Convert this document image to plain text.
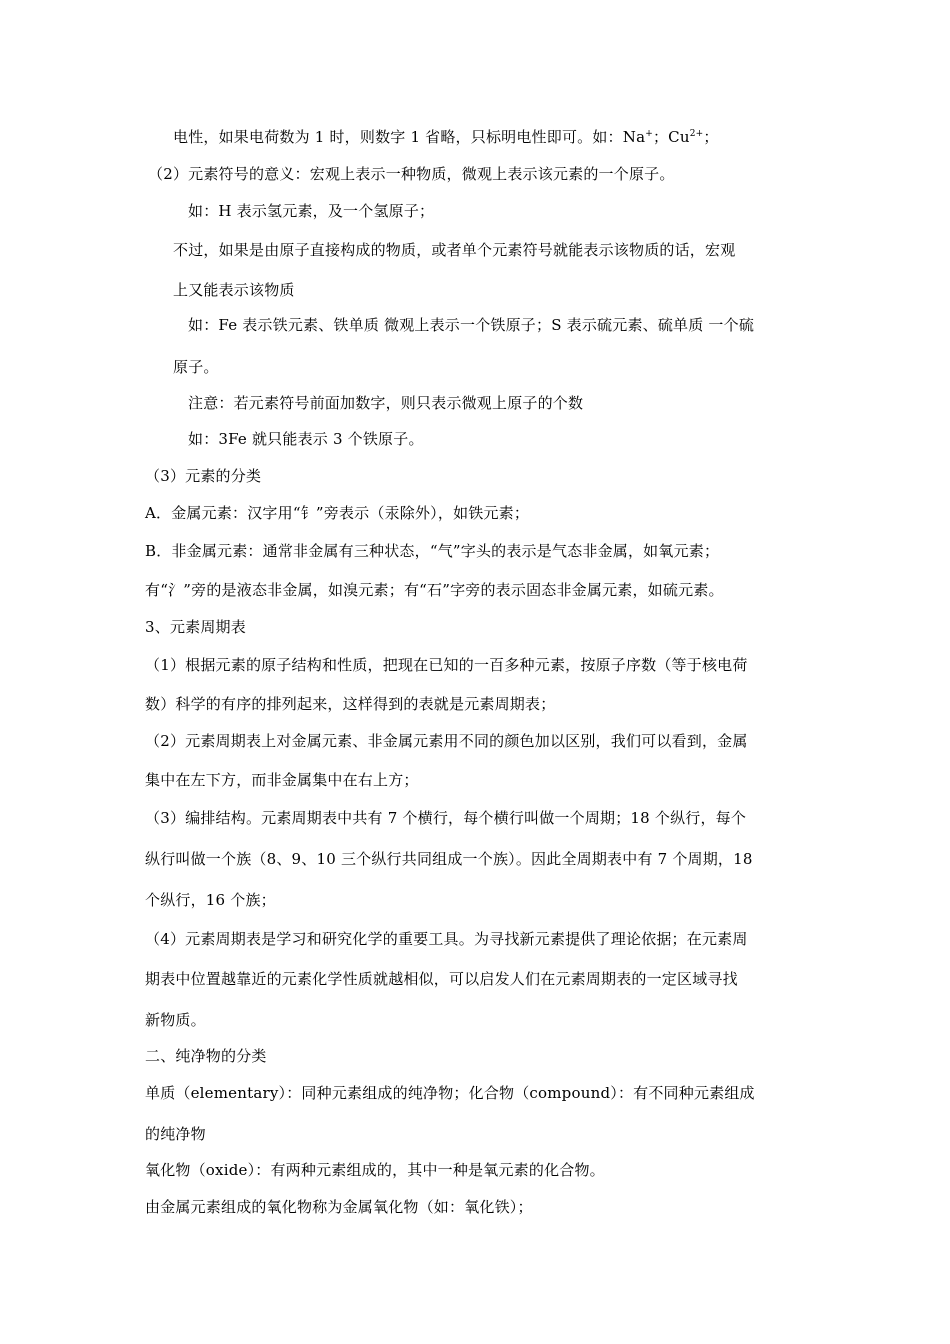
电性，如果电荷数为 1 时，则数字 1 省略，只标明电性即可。如：Na+；$Cu^{2+}$；
（2）元素符号的意义：宏观上表示一种物质，微观上表示该元素的一个原子。
如：H 表示氢元素，及一个氢原子；
不过，如果是由原子直接构成的物质，或者单个元素符号就能表示该物质的话，宏观
上又能表示该物质
如：Fe 表示铁元素、铁单质 微观上表示一个铁原子；S 表示硫元素、硫单质 一个硫
原子。
注意：若元素符号前面加数字，则只表示微观上原子的个数
如：3Fe 就只能表示 3 个铁原子。
（3）元素的分类
A．金属元素：汉字用“钅”旁表示（汞除外），如铁元素；
B．非金属元素：通常非金属有三种状态，“气”字头的表示是气态非金属，如氧元素；
有“氵”旁的是液态非金属，如溴元素；有“石”字旁的表示固态非金属元素，如硫元素。
3、元素周期表
（1）根据元素的原子结构和性质，把现在已知的一百多种元素，按原子序数（等于核电荷
数）科学的有序的排列起来，这样得到的表就是元素周期表；
（2）元素周期表上对金属元素、非金属元素用不同的颜色加以区别，我们可以看到，金属
集中在左下方，而非金属集中在右上方；
（3）编排结构。元素周期表中共有 7 个横行，每个横行叫做一个周期；18 个纵行，每个
纵行叫做一个族（8、9、10 三个纵行共同组成一个族）。因此全周期表中有 7 个周期，18
个纵行，16 个族；
（4）元素周期表是学习和研究化学的重要工具。为寻找新元素提供了理论依据；在元素周
期表中位置越靠近的元素化学性质就越相似，可以启发人们在元素周期表的一定区域寻找
新物质。
二、纯净物的分类
单质（elementary）：同种元素组成的纯净物；化合物（compound）：有不同种元素组成
的纯净物
氧化物（oxide）：有两种元素组成的，其中一种是氧元素的化合物。
由金属元素组成的氧化物称为金属氧化物（如：氧化铁）；
